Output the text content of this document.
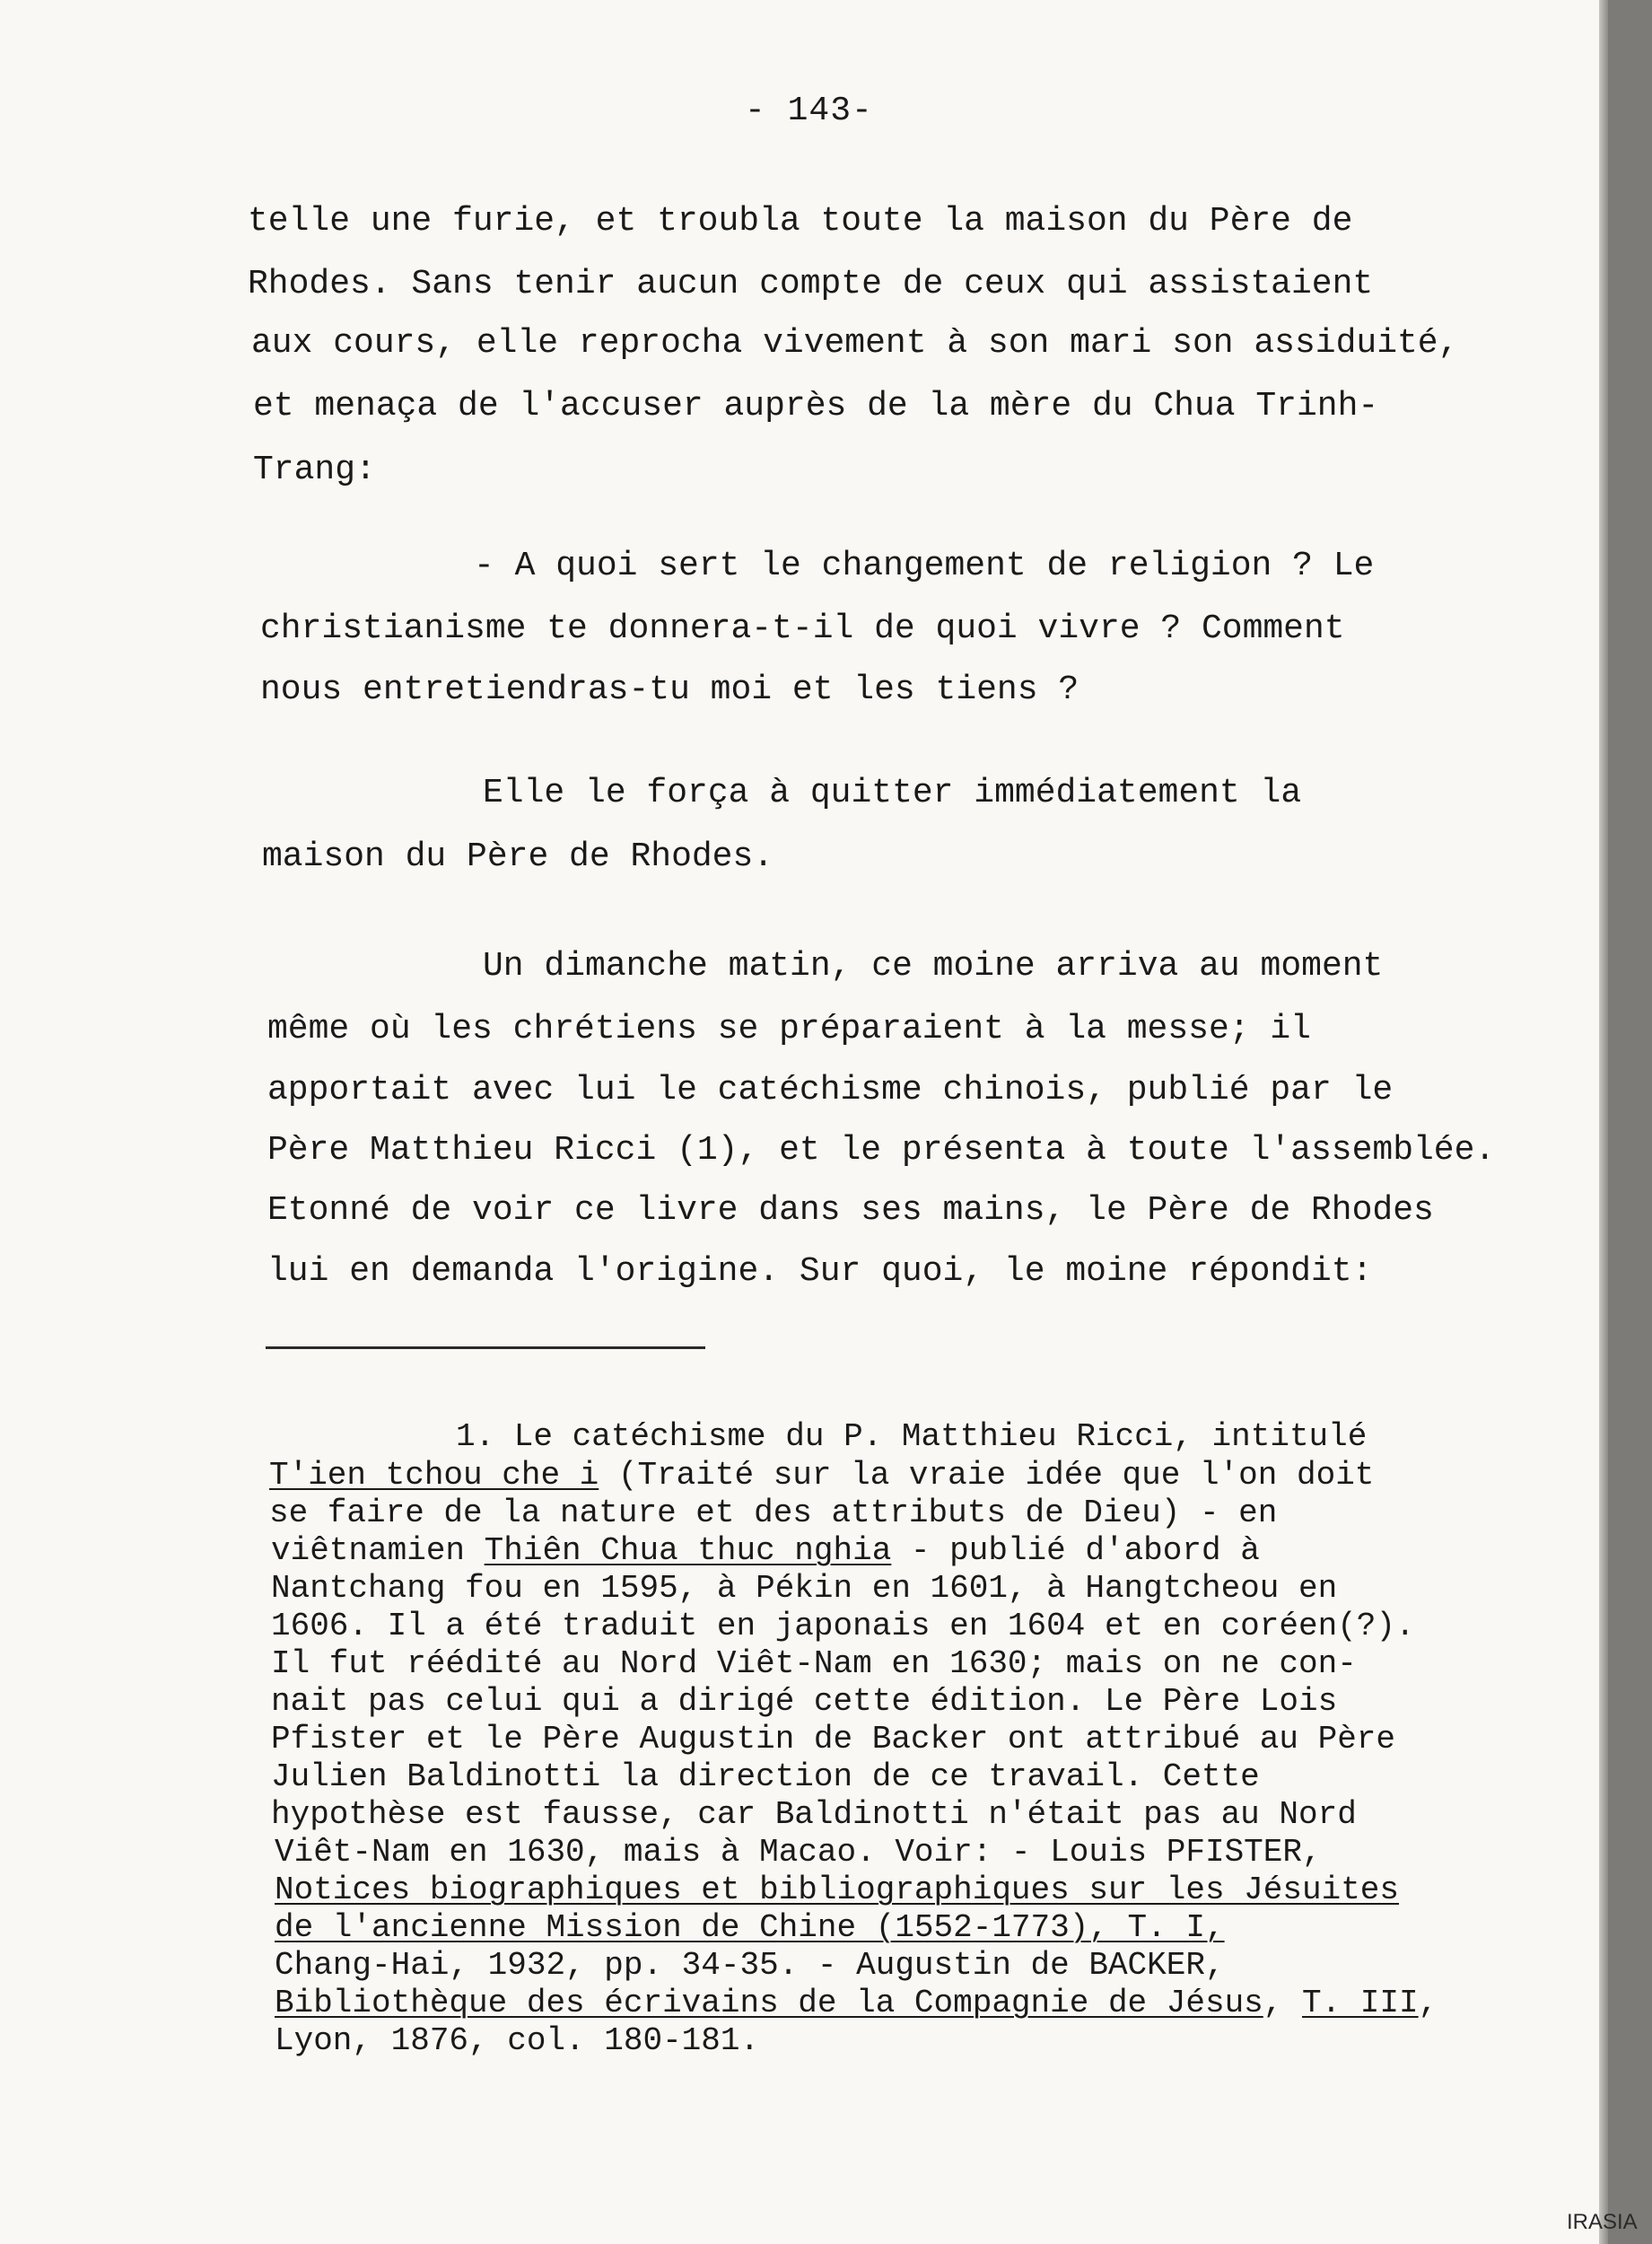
- 143-
telle une furie, et troubla toute la maison du Père de
Rhodes. Sans tenir aucun compte de ceux qui assistaient
aux cours, elle reprocha vivement à son mari son assiduité,
et menaça de l'accuser auprès de la mère du Chua Trinh-
Trang:
- A quoi sert le changement de religion ? Le
christianisme te donnera-t-il de quoi vivre ? Comment
nous entretiendras-tu moi et les tiens ?
Elle le força à quitter immédiatement la
maison du Père de Rhodes.
Un dimanche matin, ce moine arriva au moment
même où les chrétiens se préparaient à la messe; il
apportait avec lui le catéchisme chinois, publié par le
Père Matthieu Ricci (1), et le présenta à toute l'assemblée.
Etonné de voir ce livre dans ses mains, le Père de Rhodes
lui en demanda l'origine. Sur quoi, le moine répondit:
1. Le catéchisme du P. Matthieu Ricci, intitulé
T'ien tchou che i (Traité sur la vraie idée que l'on doit
se faire de la nature et des attributs de Dieu) - en
viêtnamien Thiên Chua thuc nghia - publié d'abord à
Nantchang fou en 1595, à Pékin en 1601, à Hangtcheou en
1606. Il a été traduit en japonais en 1604 et en coréen(?).
Il fut réédité au Nord Viêt-Nam en 1630; mais on ne con-
nait pas celui qui a dirigé cette édition. Le Père Lois
Pfister et le Père Augustin de Backer ont attribué au Père
Julien Baldinotti la direction de ce travail. Cette
hypothèse est fausse, car Baldinotti n'était pas au Nord
Viêt-Nam en 1630, mais à Macao. Voir: - Louis PFISTER,
Notices biographiques et bibliographiques sur les Jésuites
de l'ancienne Mission de Chine (1552-1773), T. I,
Chang-Hai, 1932, pp. 34-35. - Augustin de BACKER,
Bibliothèque des écrivains de la Compagnie de Jésus, T. III,
Lyon, 1876, col. 180-181.
IRASIA
